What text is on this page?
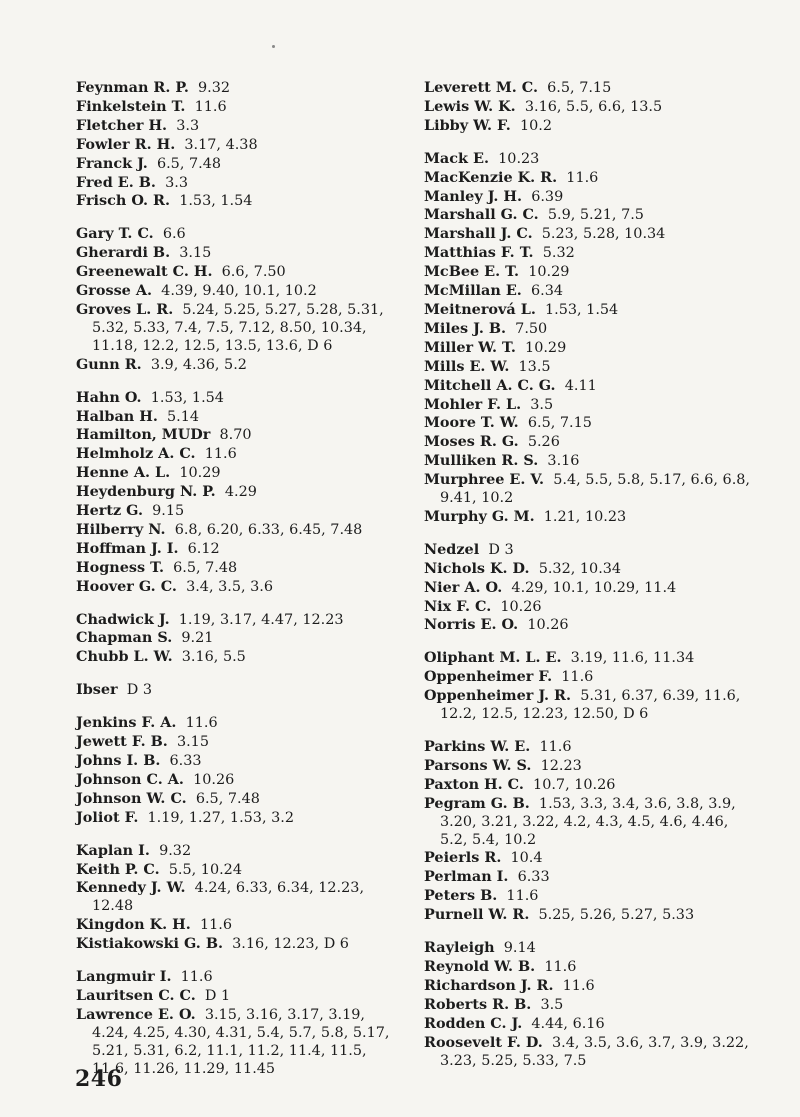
Feynman R. P. 9.32
Finkelstein T. 11.6
Fletcher H. 3.3
Fowler R. H. 3.17, 4.38
Franck J. 6.5, 7.48
Fred E. B. 3.3
Frisch O. R. 1.53, 1.54
Gary T. C. 6.6
Gherardi B. 3.15
Greenewalt C. H. 6.6, 7.50
Grosse A. 4.39, 9.40, 10.1, 10.2
Groves L. R. 5.24, 5.25, 5.27, 5.28, 5.31, 5.32, 5.33, 7.4, 7.5, 7.12, 8.50, 10.34, 11.18, 12.2, 12.5, 13.5, 13.6, D 6
Gunn R. 3.9, 4.36, 5.2
Hahn O. 1.53, 1.54
Halban H. 5.14
Hamilton, MUDr 8.70
Helmholz A. C. 11.6
Henne A. L. 10.29
Heydenburg N. P. 4.29
Hertz G. 9.15
Hilberry N. 6.8, 6.20, 6.33, 6.45, 7.48
Hoffman J. I. 6.12
Hogness T. 6.5, 7.48
Hoover G. C. 3.4, 3.5, 3.6
Chadwick J. 1.19, 3.17, 4.47, 12.23
Chapman S. 9.21
Chubb L. W. 3.16, 5.5
Ibser D 3
Jenkins F. A. 11.6
Jewett F. B. 3.15
Johns I. B. 6.33
Johnson C. A. 10.26
Johnson W. C. 6.5, 7.48
Joliot F. 1.19, 1.27, 1.53, 3.2
Kaplan I. 9.32
Keith P. C. 5.5, 10.24
Kennedy J. W. 4.24, 6.33, 6.34, 12.23, 12.48
Kingdon K. H. 11.6
Kistiakowski G. B. 3.16, 12.23, D 6
Langmuir I. 11.6
Lauritsen C. C. D 1
Lawrence E. O. 3.15, 3.16, 3.17, 3.19, 4.24, 4.25, 4.30, 4.31, 5.4, 5.7, 5.8, 5.17, 5.21, 5.31, 6.2, 11.1, 11.2, 11.4, 11.5, 11.6, 11.26, 11.29, 11.45
Leverett M. C. 6.5, 7.15
Lewis W. K. 3.16, 5.5, 6.6, 13.5
Libby W. F. 10.2
Mack E. 10.23
MacKenzie K. R. 11.6
Manley J. H. 6.39
Marshall G. C. 5.9, 5.21, 7.5
Marshall J. C. 5.23, 5.28, 10.34
Matthias F. T. 5.32
McBee E. T. 10.29
McMillan E. 6.34
Meitnerová L. 1.53, 1.54
Miles J. B. 7.50
Miller W. T. 10.29
Mills E. W. 13.5
Mitchell A. C. G. 4.11
Mohler F. L. 3.5
Moore T. W. 6.5, 7.15
Moses R. G. 5.26
Mulliken R. S. 3.16
Murphree E. V. 5.4, 5.5, 5.8, 5.17, 6.6, 6.8, 9.41, 10.2
Murphy G. M. 1.21, 10.23
Nedzel D 3
Nichols K. D. 5.32, 10.34
Nier A. O. 4.29, 10.1, 10.29, 11.4
Nix F. C. 10.26
Norris E. O. 10.26
Oliphant M. L. E. 3.19, 11.6, 11.34
Oppenheimer F. 11.6
Oppenheimer J. R. 5.31, 6.37, 6.39, 11.6, 12.2, 12.5, 12.23, 12.50, D 6
Parkins W. E. 11.6
Parsons W. S. 12.23
Paxton H. C. 10.7, 10.26
Pegram G. B. 1.53, 3.3, 3.4, 3.6, 3.8, 3.9, 3.20, 3.21, 3.22, 4.2, 4.3, 4.5, 4.6, 4.46, 5.2, 5.4, 10.2
Peierls R. 10.4
Perlman I. 6.33
Peters B. 11.6
Purnell W. R. 5.25, 5.26, 5.27, 5.33
Rayleigh 9.14
Reynold W. B. 11.6
Richardson J. R. 11.6
Roberts R. B. 3.5
Rodden C. J. 4.44, 6.16
Roosevelt F. D. 3.4, 3.5, 3.6, 3.7, 3.9, 3.22, 3.23, 5.25, 5.33, 7.5
246
